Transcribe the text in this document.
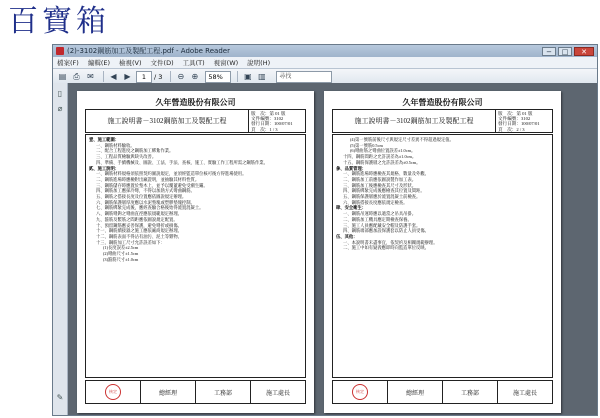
百寶箱
(2)-3102鋼筋加工及製配工程.pdf - Adobe Reader	−	□	✕
檔案(F) 編輯(E) 檢視(V) 文件(D) 工具(T) 視窗(W) 說明(H)
▤ ⎙ ✉	◀ ▶	1	/ 3 ⊖ ⊕	58%	▣ ▥	尋找
▯
⌀
✎
久年營造股份有限公司
施工說明書－3102鋼筋加工及製配工程
版　次：第 01 版
文件編號：3102
發行日期：100/07/01
頁　次：1 / 3
壹、施工範圍：
一、鋼筋材料驗收。
二、配合工程進度之鋼筋加工綁紮作業。
三、工程品質檢驗與缺失改善。
四、準備、手續機械及、圖說、工法、手法、查核、施工、實驗工作工程所需之鋼筋作業。
貳、施工說明：
一、鋼筋材料規格須依照契約圖說規定，並須經監造單位核可後方得進場使用。
二、鋼筋進場時應檢附出廠證明，並抽驗其材料性質。
三、鋼筋儲存時應置於墊木上，並予以覆蓋避免受潮生鏽。
四、鋼筋加工應採冷彎，不得以加熱方式彎曲鋼筋。
五、鋼筋之搭接長度及位置應依圖說規定辦理。
六、鋼筋保護層厚度應以水泥墊塊或塑膠墊塊控制。
七、鋼筋綁紮完成後，應經查驗合格後始得澆置混凝土。
八、鋼筋彎鉤之彎曲直徑應依規範規定辦理。
九、箍筋及繫筋之間距應依圖說規定配置。
十、預留鋼筋應妥善保護，避免彎折或損傷。
十一、鋼筋續接器之施工應依廠商規定辦理。
十二、鋼筋表面不得沾有油污、泥土等雜物。
十三、鋼筋加工尺寸允許誤差如下：
(1)長度誤差±2.5cm
(2)彎曲尺寸±1.5cm
(3)箍筋尺寸±1.0cm
核定	總經理	工務部	施工處長
久年營造股份有限公司
施工說明書－3102鋼筋加工及製配工程
版　次：第 01 版
文件編號：3102
發行日期：100/07/01
頁　次：2 / 3
(4)第一號筋前後尺寸與規定尺寸差異不得超過規定值。
(5)第一號筋0.5cm
(6)彎曲筋之彎曲位置誤差±1.0cm。
十四、鋼筋間距之允許誤差為±1.0cm。
十五、鋼筋保護層之允許誤差為±0.5cm。
參、品質管理：
一、鋼筋進場時應檢查其規格、數量及外觀。
二、鋼筋加工前應依圖說製作加工表。
三、鋼筋加工後應檢查其尺寸及形狀。
四、鋼筋綁紮完成後應檢查其位置及間距。
五、鋼筋保護層應於澆置混凝土前檢查。
六、鋼筋搭接長度應依規定檢查。
肆、安全衛生：
一、鋼筋吊運時應以適當之吊具吊掛。
二、鋼筋加工機具應定期檢查保養。
三、施工人員應配戴安全帽及防護手套。
四、鋼筋端部應加設保護套以防止人員受傷。
伍、其他：
一、本說明書未盡事宜，依契約及相關規範辦理。
二、施工中如有疑義應即時向監造單位反映。
核定	總經理	工務部	施工處長
